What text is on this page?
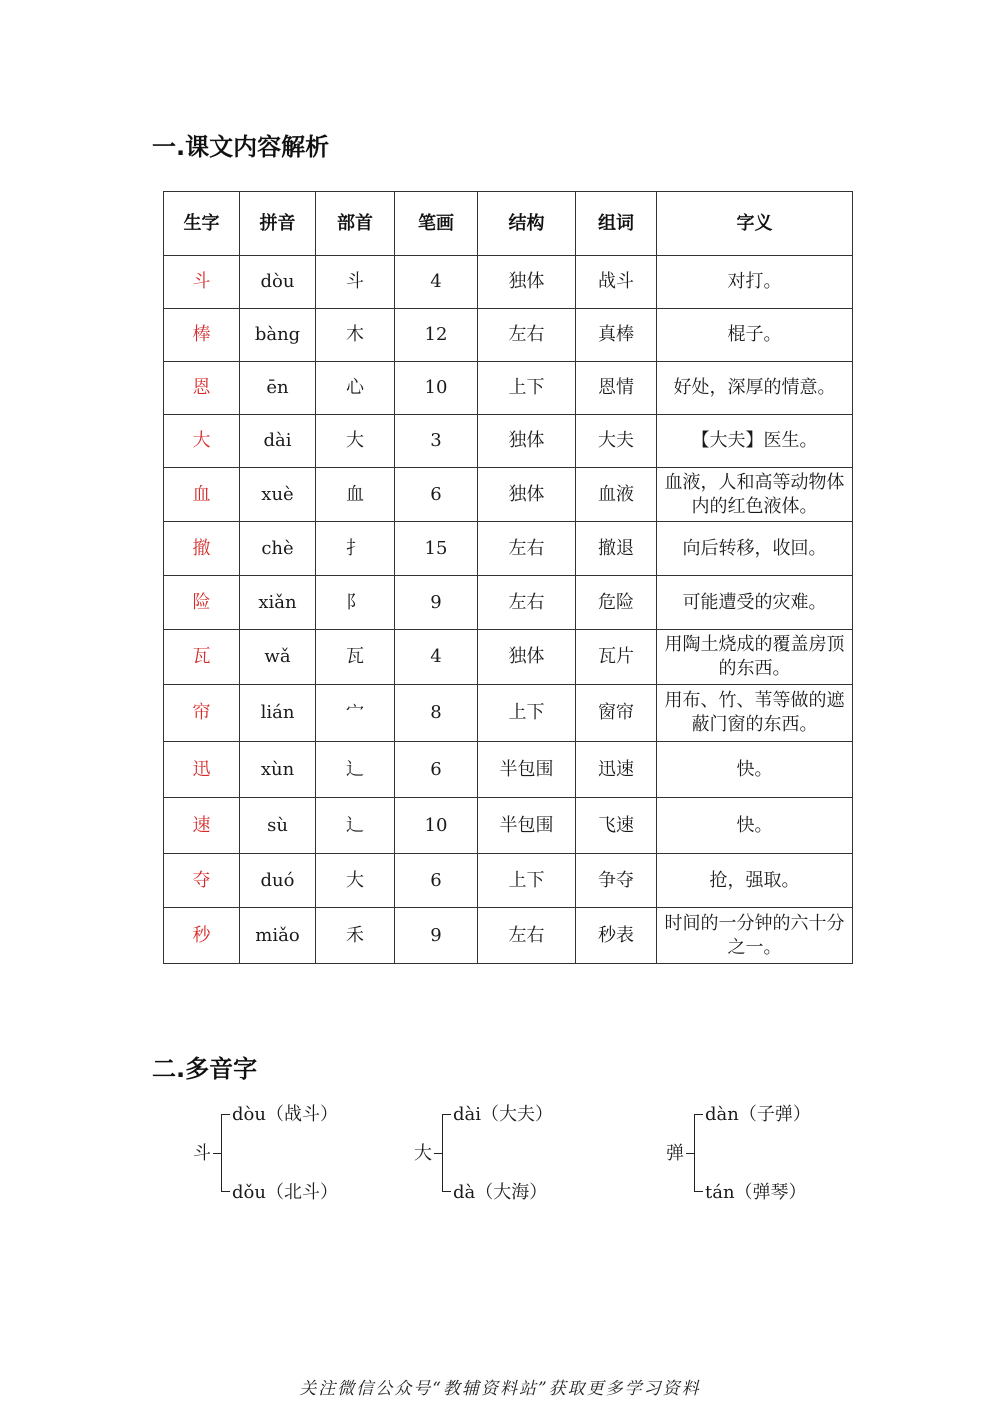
一.课文内容解析
生字	拼音	部首	笔画	结构	组词	字义
斗	dòu	斗	4	独体	战斗	对打。
棒	bàng	木	12	左右	真棒	棍子。
恩	ēn	心	10	上下	恩情	好处，深厚的情意。
大	dài	大	3	独体	大夫	【大夫】医生。
血	xuè	血	6	独体	血液	血液，人和高等动物体内的红色液体。
撤	chè	扌	15	左右	撤退	向后转移，收回。
险	xiǎn	阝	9	左右	危险	可能遭受的灾难。
瓦	wǎ	瓦	4	独体	瓦片	用陶土烧成的覆盖房顶的东西。
帘	lián	宀	8	上下	窗帘	用布、竹、苇等做的遮蔽门窗的东西。
迅	xùn	辶	6	半包围	迅速	快。
速	sù	辶	10	半包围	飞速	快。
夺	duó	大	6	上下	争夺	抢，强取。
秒	miǎo	禾	9	左右	秒表	时间的一分钟的六十分之一。
二.多音字
斗
dòu（战斗）
dǒu（北斗）
大
dài（大夫）
dà（大海）
弹
dàn（子弹）
tán（弹琴）
关注微信公众号“教辅资料站”获取更多学习资料
